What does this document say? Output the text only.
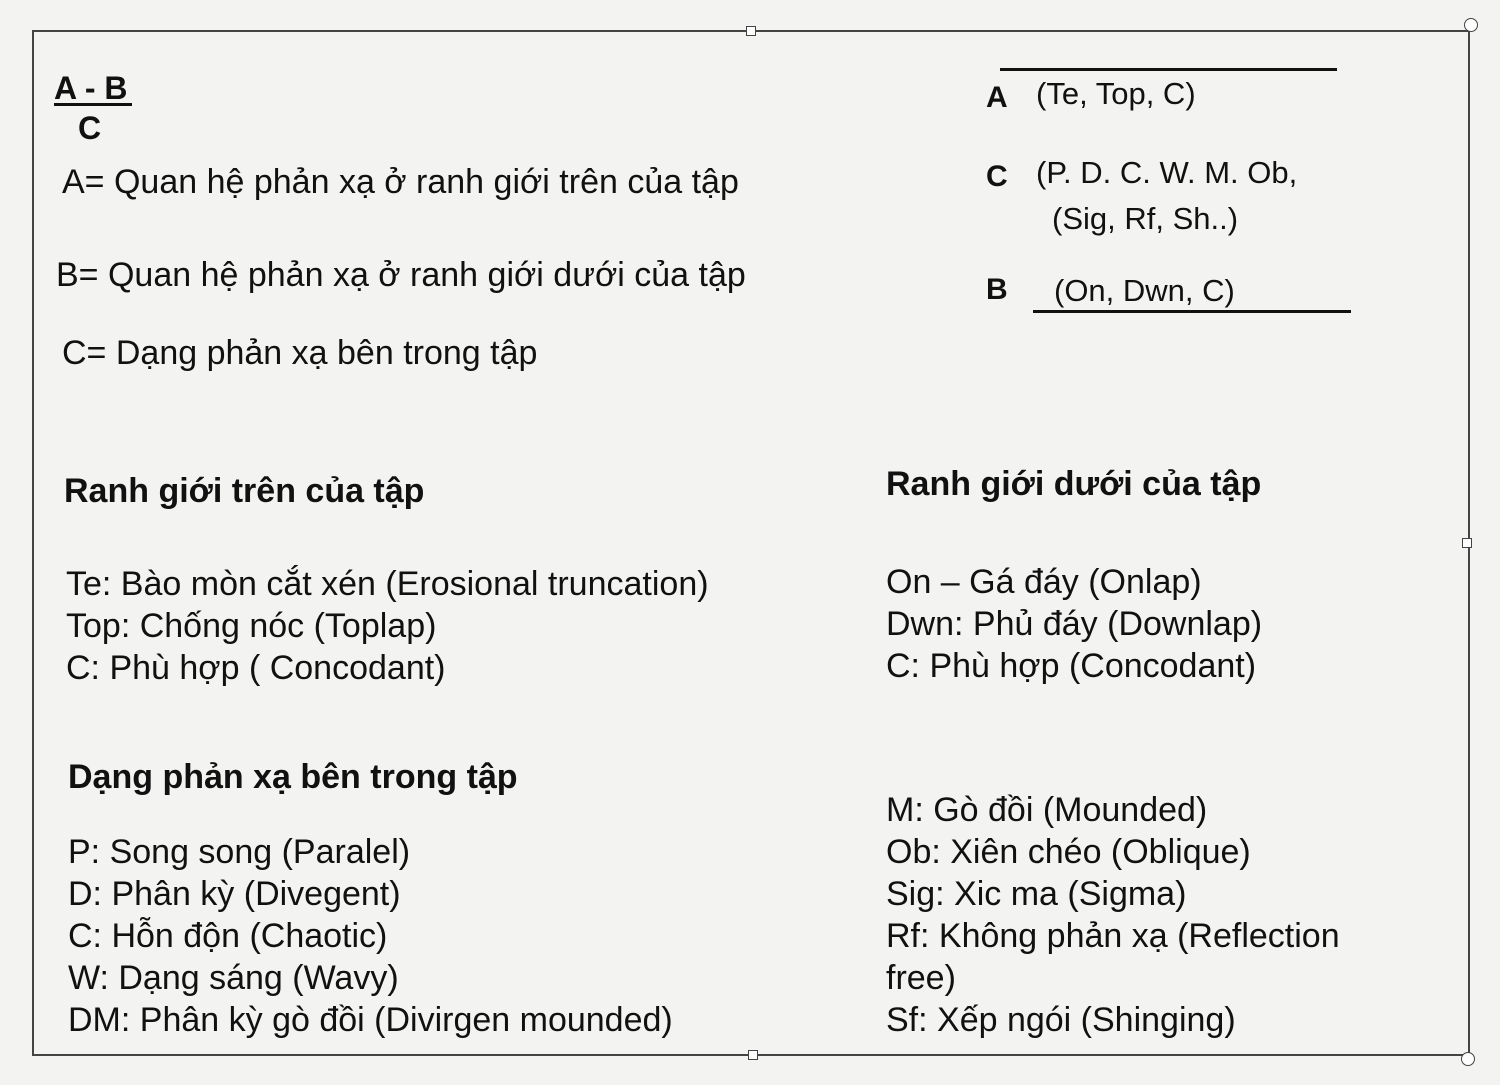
A - B
C
A= Quan hệ phản xạ ở ranh giới trên của tập
B= Quan hệ phản xạ ở ranh giới dưới của tập
C= Dạng phản xạ bên trong tập
A (Te, Top, C)
C (P. D. C. W. M. Ob,
(Sig, Rf, Sh..)
B (On, Dwn, C)
Ranh giới trên của tập
Te: Bào mòn cắt xén (Erosional truncation)
Top: Chống nóc (Toplap)
C: Phù hợp ( Concodant)
Ranh giới dưới của tập
On – Gá đáy (Onlap)
Dwn: Phủ đáy (Downlap)
C: Phù hợp (Concodant)
Dạng phản xạ bên trong tập
P: Song song (Paralel)
D: Phân kỳ (Divegent)
C: Hỗn độn (Chaotic)
W: Dạng sáng (Wavy)
DM: Phân kỳ gò đồi (Divirgen mounded)
M: Gò đồi (Mounded)
Ob: Xiên chéo (Oblique)
Sig: Xic ma (Sigma)
Rf: Không phản xạ (Reflection
free)
Sf: Xếp ngói (Shinging)
